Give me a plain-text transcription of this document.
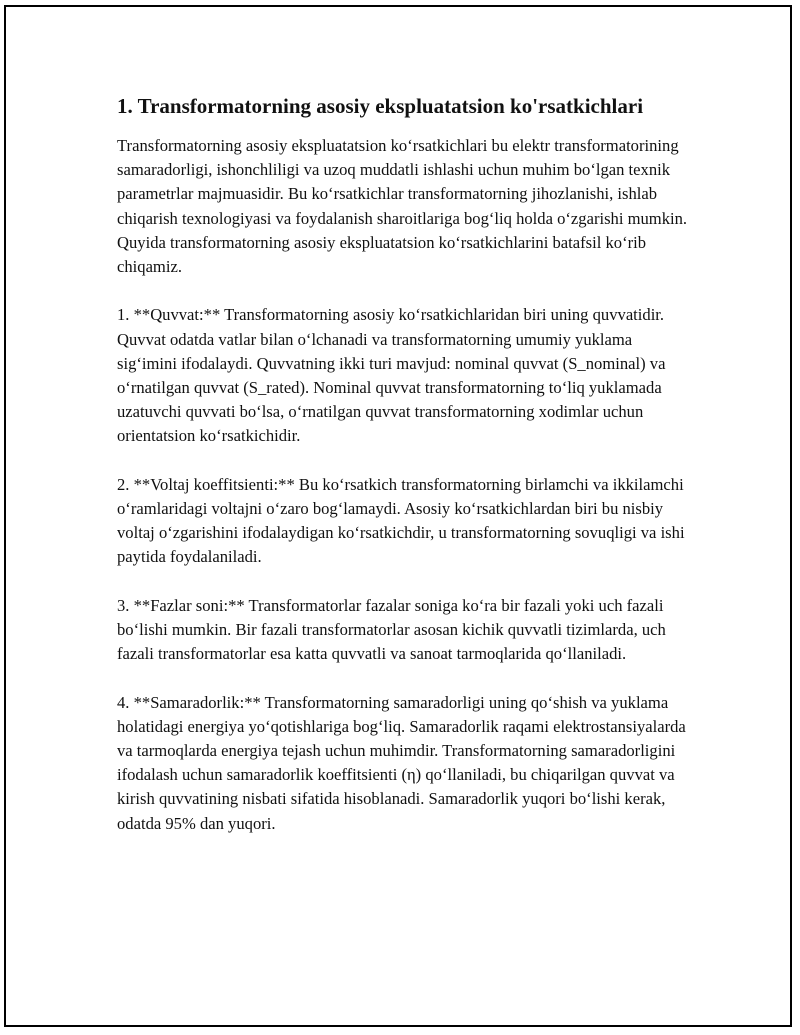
1. Transformatorning asosiy ekspluatatsion ko'rsatkichlari

Transformatorning asosiy ekspluatatsion ko‘rsatkichlari bu elektr transformatorining samaradorligi, ishonchliligi va uzoq muddatli ishlashi uchun muhim bo‘lgan texnik parametrlar majmuasidir. Bu ko‘rsatkichlar transformatorning jihozlanishi, ishlab chiqarish texnologiyasi va foydalanish sharoitlariga bog‘liq holda o‘zgarishi mumkin. Quyida transformatorning asosiy ekspluatatsion ko‘rsatkichlarini batafsil ko‘rib chiqamiz.

1. **Quvvat:** Transformatorning asosiy ko‘rsatkichlaridan biri uning quvvatidir. Quvvat odatda vatlar bilan o‘lchanadi va transformatorning umumiy yuklama sig‘imini ifodalaydi. Quvvatning ikki turi mavjud: nominal quvvat (S_nominal) va o‘rnatilgan quvvat (S_rated). Nominal quvvat transformatorning to‘liq yuklamada uzatuvchi quvvati bo‘lsa, o‘rnatilgan quvvat transformatorning xodimlar uchun orientatsion ko‘rsatkichidir.

2. **Voltaj koeffitsienti:** Bu ko‘rsatkich transformatorning birlamchi va ikkilamchi o‘ramlaridagi voltajni o‘zaro bog‘lamaydi. Asosiy ko‘rsatkichlardan biri bu nisbiy voltaj o‘zgarishini ifodalaydigan ko‘rsatkichdir, u transformatorning sovuqligi va ishi paytida foydalaniladi.

3. **Fazlar soni:** Transformatorlar fazalar soniga ko‘ra bir fazali yoki uch fazali bo‘lishi mumkin. Bir fazali transformatorlar asosan kichik quvvatli tizimlarda, uch fazali transformatorlar esa katta quvvatli va sanoat tarmoqlarida qo‘llaniladi.

4. **Samaradorlik:** Transformatorning samaradorligi uning qo‘shish va yuklama holatidagi energiya yo‘qotishlariga bog‘liq. Samaradorlik raqami elektrostansiyalarda va tarmoqlarda energiya tejash uchun muhimdir. Transformatorning samaradorligini ifodalash uchun samaradorlik koeffitsienti (η) qo‘llaniladi, bu chiqarilgan quvvat va kirish quvvatining nisbati sifatida hisoblanadi. Samaradorlik yuqori bo‘lishi kerak, odatda 95% dan yuqori.
